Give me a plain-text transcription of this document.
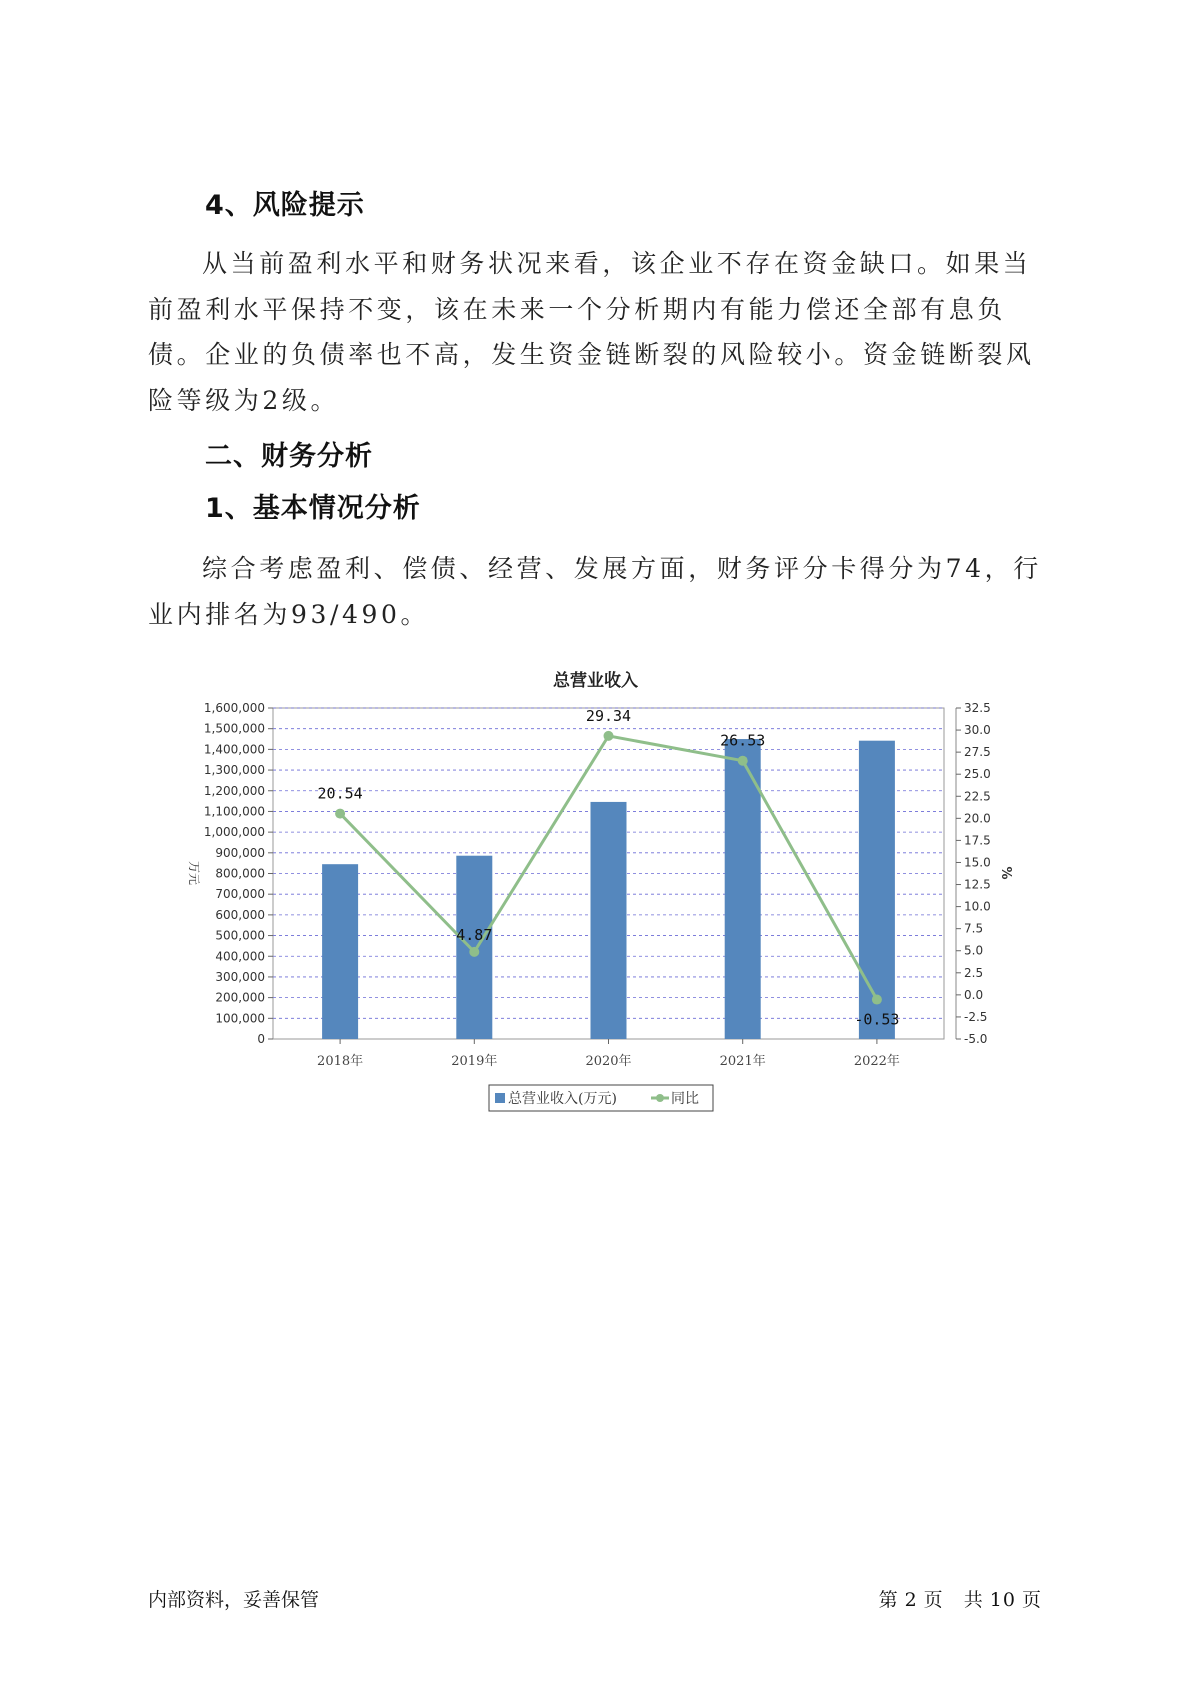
4、风险提示

从当前盈利水平和财务状况来看，该企业不存在资金缺口。如果当前盈利水平保持不变，该在未来一个分析期内有能力偿还全部有息负债。企业的负债率也不高，发生资金链断裂的风险较小。资金链断裂风险等级为2级。

二、财务分析
1、基本情况分析

综合考虑盈利、偿债、经营、发展方面，财务评分卡得分为74，行业内排名为93/490。

总营业收入
0
100,000
200,000
300,000
400,000
500,000
600,000
700,000
800,000
900,000
1,000,000
1,100,000
1,200,000
1,300,000
1,400,000
1,500,000
1,600,000
-5.0
-2.5
0.0
2.5
5.0
7.5
10.0
12.5
15.0
17.5
20.0
22.5
25.0
27.5
30.0
32.5
万元	%
2018年	2019年	2020年	2021年	2022年
20.54
4.87
29.34
26.53
-0.53
总营业收入(万元)	同比
内部资料，妥善保管	第 2 页 共 10 页
